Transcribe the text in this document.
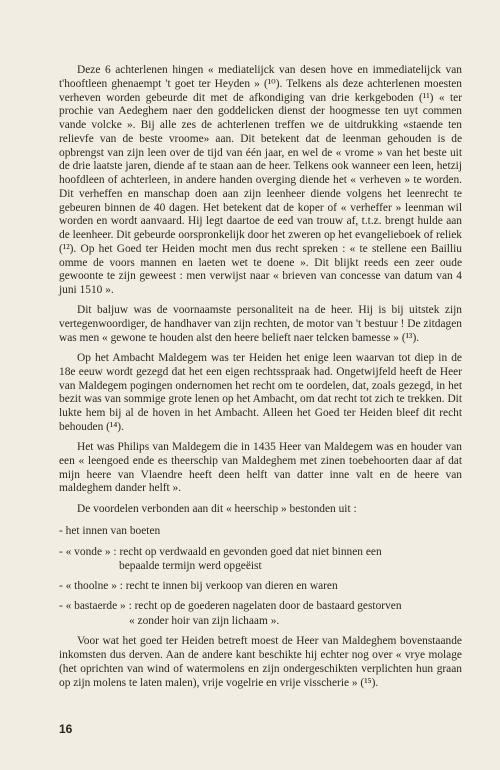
Deze 6 achterlenen hingen « mediatelijck van desen hove en immediatelijck van t'hooftleen ghenaempt 't goet ter Heyden » (¹⁰). Telkens als deze achterlenen moesten verheven worden gebeurde dit met de afkondiging van drie kerkgeboden (¹¹) « ter prochie van Aedeghem naer den goddelicken dienst der hoogmesse ten uyt commen vande volcke ». Bij alle zes de achterlenen treffen we de uitdrukking «staende ten relievfe van de beste vroome» aan. Dit betekent dat de leenman gehouden is de opbrengst van zijn leen over de tijd van één jaar, en wel de « vrome » van het beste uit de drie laatste jaren, diende af te staan aan de heer. Telkens ook wanneer een leen, hetzij hoofdleen of achterleen, in andere handen overging diende het « verheven » te worden. Dit verheffen en manschap doen aan zijn leenheer diende volgens het leenrecht te gebeuren binnen de 40 dagen. Het betekent dat de koper of « verheffer » leenman wil worden en wordt aanvaard. Hij legt daartoe de eed van trouw af, t.t.z. brengt hulde aan de leenheer. Dit gebeurde oorspronkelijk door het zweren op het evangelieboek of reliek (¹²). Op het Goed ter Heiden mocht men dus recht spreken : « te stellene een Bailliu omme de voors mannen en laeten wet te doene ». Dit blijkt reeds een zeer oude gewoonte te zijn geweest : men verwijst naar « brieven van concesse van datum van 4 juni 1510 ».

Dit baljuw was de voornaamste personaliteit na de heer. Hij is bij uitstek zijn vertegenwoordiger, de handhaver van zijn rechten, de motor van 't bestuur ! De zitdagen was men « gewone te houden alst den heere belieft naer telcken bamesse » (¹³).

Op het Ambacht Maldegem was ter Heiden het enige leen waarvan tot diep in de 18e eeuw wordt gezegd dat het een eigen rechtsspraak had. Ongetwijfeld heeft de Heer van Maldegem pogingen ondernomen het recht om te oordelen, dat, zoals gezegd, in het bezit was van sommige grote lenen op het Ambacht, om dat recht tot zich te trekken. Dit lukte hem bij al de hoven in het Ambacht. Alleen het Goed ter Heiden bleef dit recht behouden (¹⁴).

Het was Philips van Maldegem die in 1435 Heer van Maldegem was en houder van een « leengoed ende es theerschip van Maldeghem met zinen toebehoorten daar af dat mijn heere van Vlaendre heeft deen helft van datter inne valt en de heere van maldeghem dander helft ».

De voordelen verbonden aan dit « heerschip » bestonden uit :

- het innen van boeten
- « vonde » : recht op verdwaald en gevonden goed dat niet binnen een
bepaalde termijn werd opgeëist
- « thoolne » : recht te innen bij verkoop van dieren en waren
- « bastaerde » : recht op de goederen nagelaten door de bastaard gestorven
« zonder hoir van zijn lichaam ».

Voor wat het goed ter Heiden betreft moest de Heer van Maldeghem bovenstaande inkomsten dus derven. Aan de andere kant beschikte hij echter nog over « vrye molage (het oprichten van wind of watermolens en zijn ondergeschikten verplichten hun graan op zijn molens te laten malen), vrije vogelrie en vrije visscherie » (¹⁵).

16
